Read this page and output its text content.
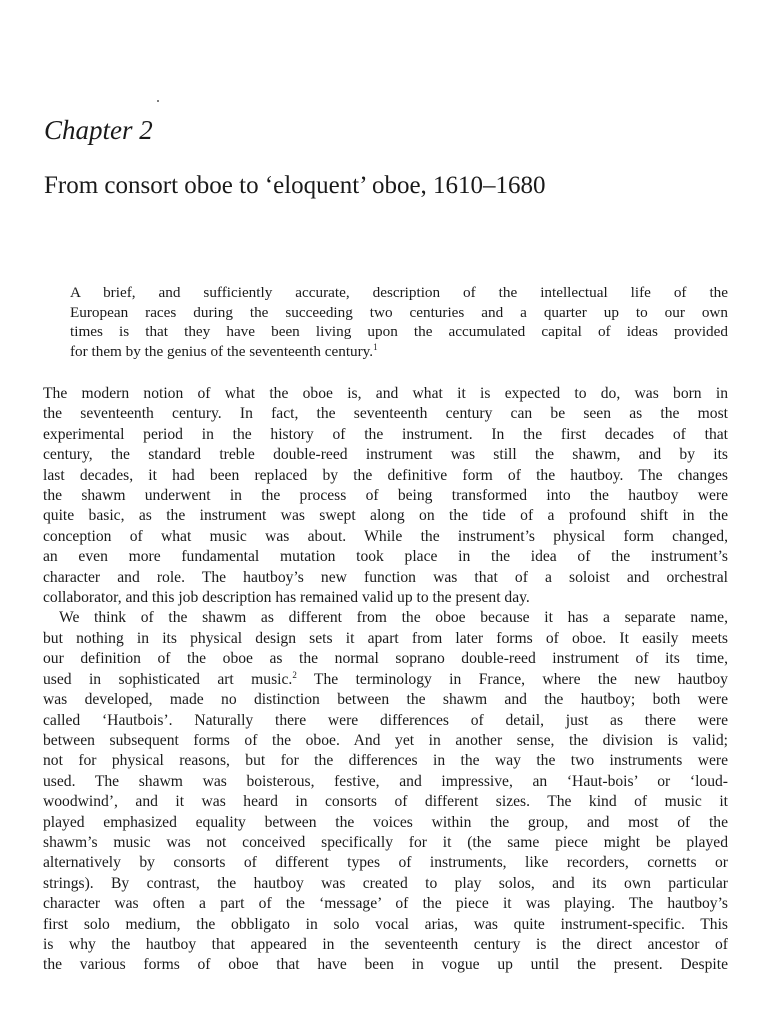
Chapter 2
From consort oboe to ‘eloquent’ oboe, 1610–1680
A brief, and sufficiently accurate, description of the intellectual life of the
European races during the succeeding two centuries and a quarter up to our own
times is that they have been living upon the accumulated capital of ideas provided
for them by the genius of the seventeenth century.$^1$
The modern notion of what the oboe is, and what it is expected to do, was born in
the seventeenth century. In fact, the seventeenth century can be seen as the most
experimental period in the history of the instrument. In the first decades of that
century, the standard treble double-reed instrument was still the shawm, and by its
last decades, it had been replaced by the definitive form of the hautboy. The changes
the shawm underwent in the process of being transformed into the hautboy were
quite basic, as the instrument was swept along on the tide of a profound shift in the
conception of what music was about. While the instrument’s physical form changed,
an even more fundamental mutation took place in the idea of the instrument’s
character and role. The hautboy’s new function was that of a soloist and orchestral
collaborator, and this job description has remained valid up to the present day.
We think of the shawm as different from the oboe because it has a separate name,
but nothing in its physical design sets it apart from later forms of oboe. It easily meets
our definition of the oboe as the normal soprano double-reed instrument of its time,
used in sophisticated art music.$^2$ The terminology in France, where the new hautboy
was developed, made no distinction between the shawm and the hautboy; both were
called ‘Hautbois’. Naturally there were differences of detail, just as there were
between subsequent forms of the oboe. And yet in another sense, the division is valid;
not for physical reasons, but for the differences in the way the two instruments were
used. The shawm was boisterous, festive, and impressive, an ‘Haut-bois’ or ‘loud-
woodwind’, and it was heard in consorts of different sizes. The kind of music it
played emphasized equality between the voices within the group, and most of the
shawm’s music was not conceived specifically for it (the same piece might be played
alternatively by consorts of different types of instruments, like recorders, cornetts or
strings). By contrast, the hautboy was created to play solos, and its own particular
character was often a part of the ‘message’ of the piece it was playing. The hautboy’s
first solo medium, the obbligato in solo vocal arias, was quite instrument-specific. This
is why the hautboy that appeared in the seventeenth century is the direct ancestor of
the various forms of oboe that have been in vogue up until the present. Despite
